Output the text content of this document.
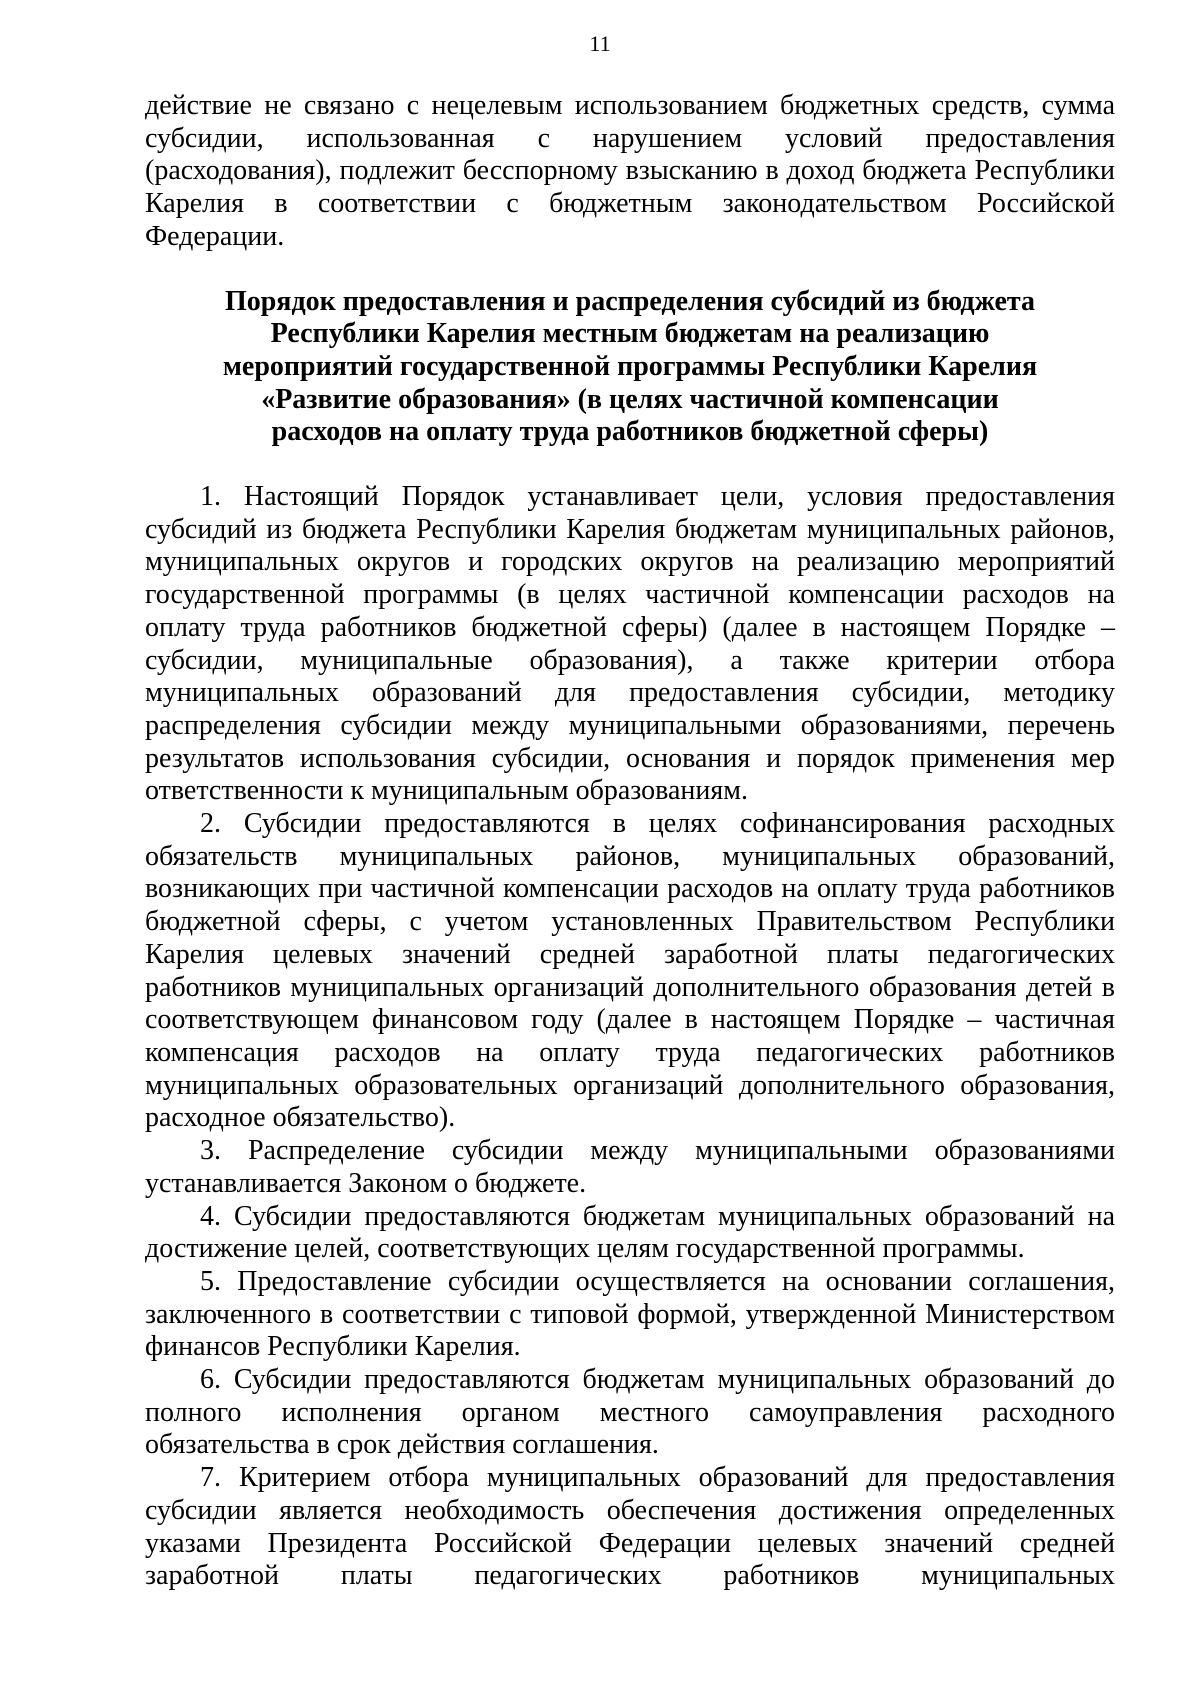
11

действие не связано с нецелевым использованием бюджетных средств, сумма субсидии, использованная с нарушением условий предоставления (расходования), подлежит бесспорному взысканию в доход бюджета Республики Карелия в соответствии с бюджетным законодательством Российской Федерации.

Порядок предоставления и распределения субсидий из бюджета
Республики Карелия местным бюджетам на реализацию
мероприятий государственной программы Республики Карелия
«Развитие образования» (в целях частичной компенсации
расходов на оплату труда работников бюджетной сферы)

1. Настоящий Порядок устанавливает цели, условия предоставления субсидий из бюджета Республики Карелия бюджетам муниципальных районов, муниципальных округов и городских округов на реализацию мероприятий государственной программы (в целях частичной компенсации расходов на оплату труда работников бюджетной сферы) (далее в настоящем Порядке – субсидии, муниципальные образования), а также критерии отбора муниципальных образований для предоставления субсидии, методику распределения субсидии между муниципальными образованиями, перечень результатов использования субсидии, основания и порядок применения мер ответственности к муниципальным образованиям.

2. Субсидии предоставляются в целях софинансирования расходных обязательств муниципальных районов, муниципальных образований, возникающих при частичной компенсации расходов на оплату труда работников бюджетной сферы, с учетом установленных Правительством Республики Карелия целевых значений средней заработной платы педагогических работников муниципальных организаций дополнительного образования детей в соответствующем финансовом году (далее в настоящем Порядке – частичная компенсация расходов на оплату труда педагогических работников муниципальных образовательных организаций дополнительного образования, расходное обязательство).

3. Распределение субсидии между муниципальными образованиями устанавливается Законом о бюджете.

4. Субсидии предоставляются бюджетам муниципальных образований на достижение целей, соответствующих целям государственной программы.

5. Предоставление субсидии осуществляется на основании соглашения, заключенного в соответствии с типовой формой, утвержденной Министерством финансов Республики Карелия.

6. Субсидии предоставляются бюджетам муниципальных образований до полного исполнения органом местного самоуправления расходного обязательства в срок действия соглашения.

7. Критерием отбора муниципальных образований для предоставления субсидии является необходимость обеспечения достижения определенных указами Президента Российской Федерации целевых значений средней заработной платы педагогических работников муниципальных
